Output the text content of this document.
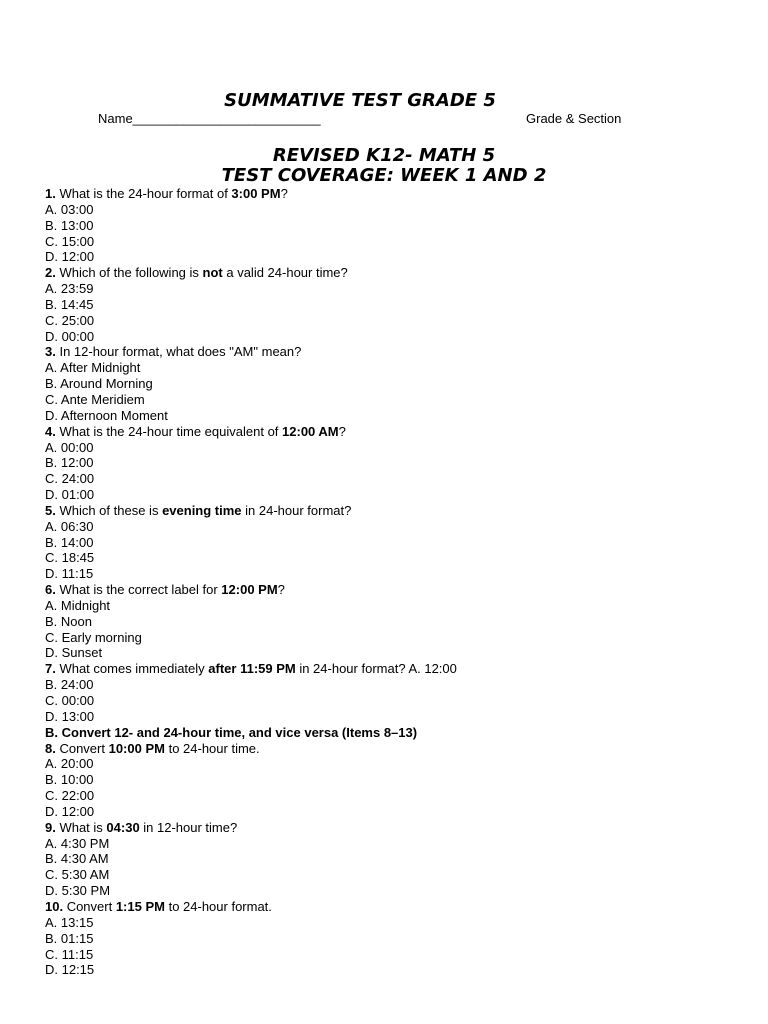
SUMMATIVE TEST GRADE 5
Name__________________________	Grade & Section
REVISED K12- MATH 5
TEST COVERAGE: WEEK 1 AND 2
1. What is the 24-hour format of 3:00 PM?
A. 03:00
B. 13:00
C. 15:00
D. 12:00
2. Which of the following is not a valid 24-hour time?
A. 23:59
B. 14:45
C. 25:00
D. 00:00
3. In 12-hour format, what does "AM" mean?
A. After Midnight
B. Around Morning
C. Ante Meridiem
D. Afternoon Moment
4. What is the 24-hour time equivalent of 12:00 AM?
A. 00:00
B. 12:00
C. 24:00
D. 01:00
5. Which of these is evening time in 24-hour format?
A. 06:30
B. 14:00
C. 18:45
D. 11:15
6. What is the correct label for 12:00 PM?
A. Midnight
B. Noon
C. Early morning
D. Sunset
7. What comes immediately after 11:59 PM in 24-hour format? A. 12:00
B. 24:00
C. 00:00
D. 13:00
B. Convert 12- and 24-hour time, and vice versa (Items 8–13)
8. Convert 10:00 PM to 24-hour time.
A. 20:00
B. 10:00
C. 22:00
D. 12:00
9. What is 04:30 in 12-hour time?
A. 4:30 PM
B. 4:30 AM
C. 5:30 AM
D. 5:30 PM
10. Convert 1:15 PM to 24-hour format.
A. 13:15
B. 01:15
C. 11:15
D. 12:15
